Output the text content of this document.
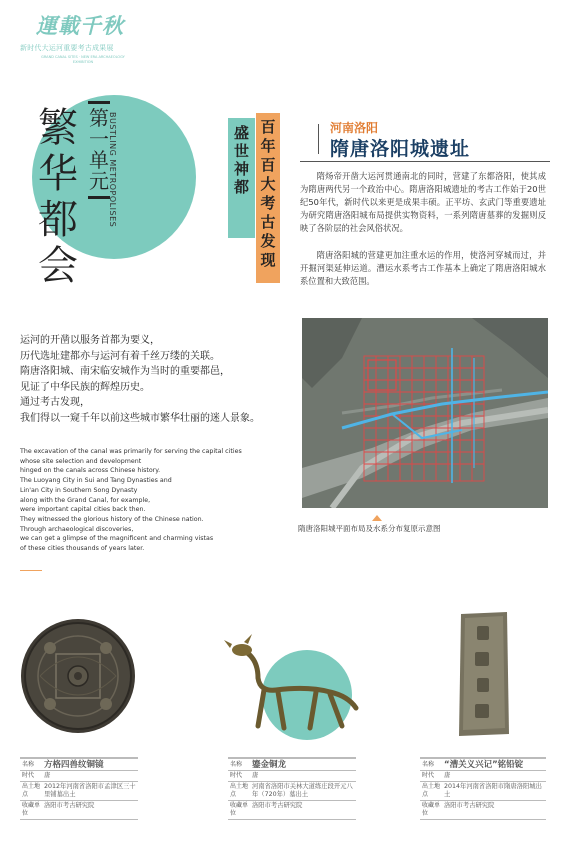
運載千秋
新时代大运河重要考古成果展
GRAND CANAL SITES · NEW ERA ARCHAEOLOGY EXHIBITION
第一单元
繁华都会
BUSTLING METROPOLISES	盛世神都
百年百大考古发现
河南洛阳
隋唐洛阳城遗址
隋炀帝开凿大运河贯通南北的同时，营建了东都洛阳，使其成为隋唐两代另一个政治中心。隋唐洛阳城遗址的考古工作始于20世纪50年代，新时代以来更是成果丰硕。正平坊、玄武门等重要遗址为研究隋唐洛阳城布局提供实物资料，一系列隋唐墓葬的发掘则反映了各阶层的社会风俗状况。
隋唐洛阳城的营建更加注重水运的作用，使洛河穿城而过，并开掘河渠延伸运道。漕运水系考古工作基本上确定了隋唐洛阳城水系位置和大致范围。
隋唐洛阳城平面布局及水系分布复原示意图
运河的开凿以服务首都为要义，
历代选址建都亦与运河有着千丝万缕的关联。
隋唐洛阳城、南宋临安城作为当时的重要都邑，
见证了中华民族的辉煌历史。
通过考古发现，
我们得以一窥千年以前这些城市繁华壮丽的迷人景象。
The excavation of the canal was primarily for serving the capital cities
whose site selection and development
hinged on the canals across Chinese history.
The Luoyang City in Sui and Tang Dynasties and
Lin'an City in Southern Song Dynasty
along with the Grand Canal, for example,
were important capital cities back then.
They witnessed the glorious history of the Chinese nation.
Through archaeological discoveries,
we can get a glimpse of the magnificent and charming vistas
of these cities thousands of years later.
名称	方格四兽纹铜镜
时代	唐
出土地点	2012年河南省洛阳市孟津区三十里铺墓出土
收藏单位	洛阳市考古研究院
名称	鎏金铜龙
时代	唐
出土地点	河南省洛阳市关林大道练庄段开元八年（720年）墓出土
收藏单位	洛阳市考古研究院
名称	“漕关义兴记”铭铅锭
时代	唐
出土地点	2014年河南省洛阳市隋唐洛阳城出土
收藏单位	洛阳市考古研究院
